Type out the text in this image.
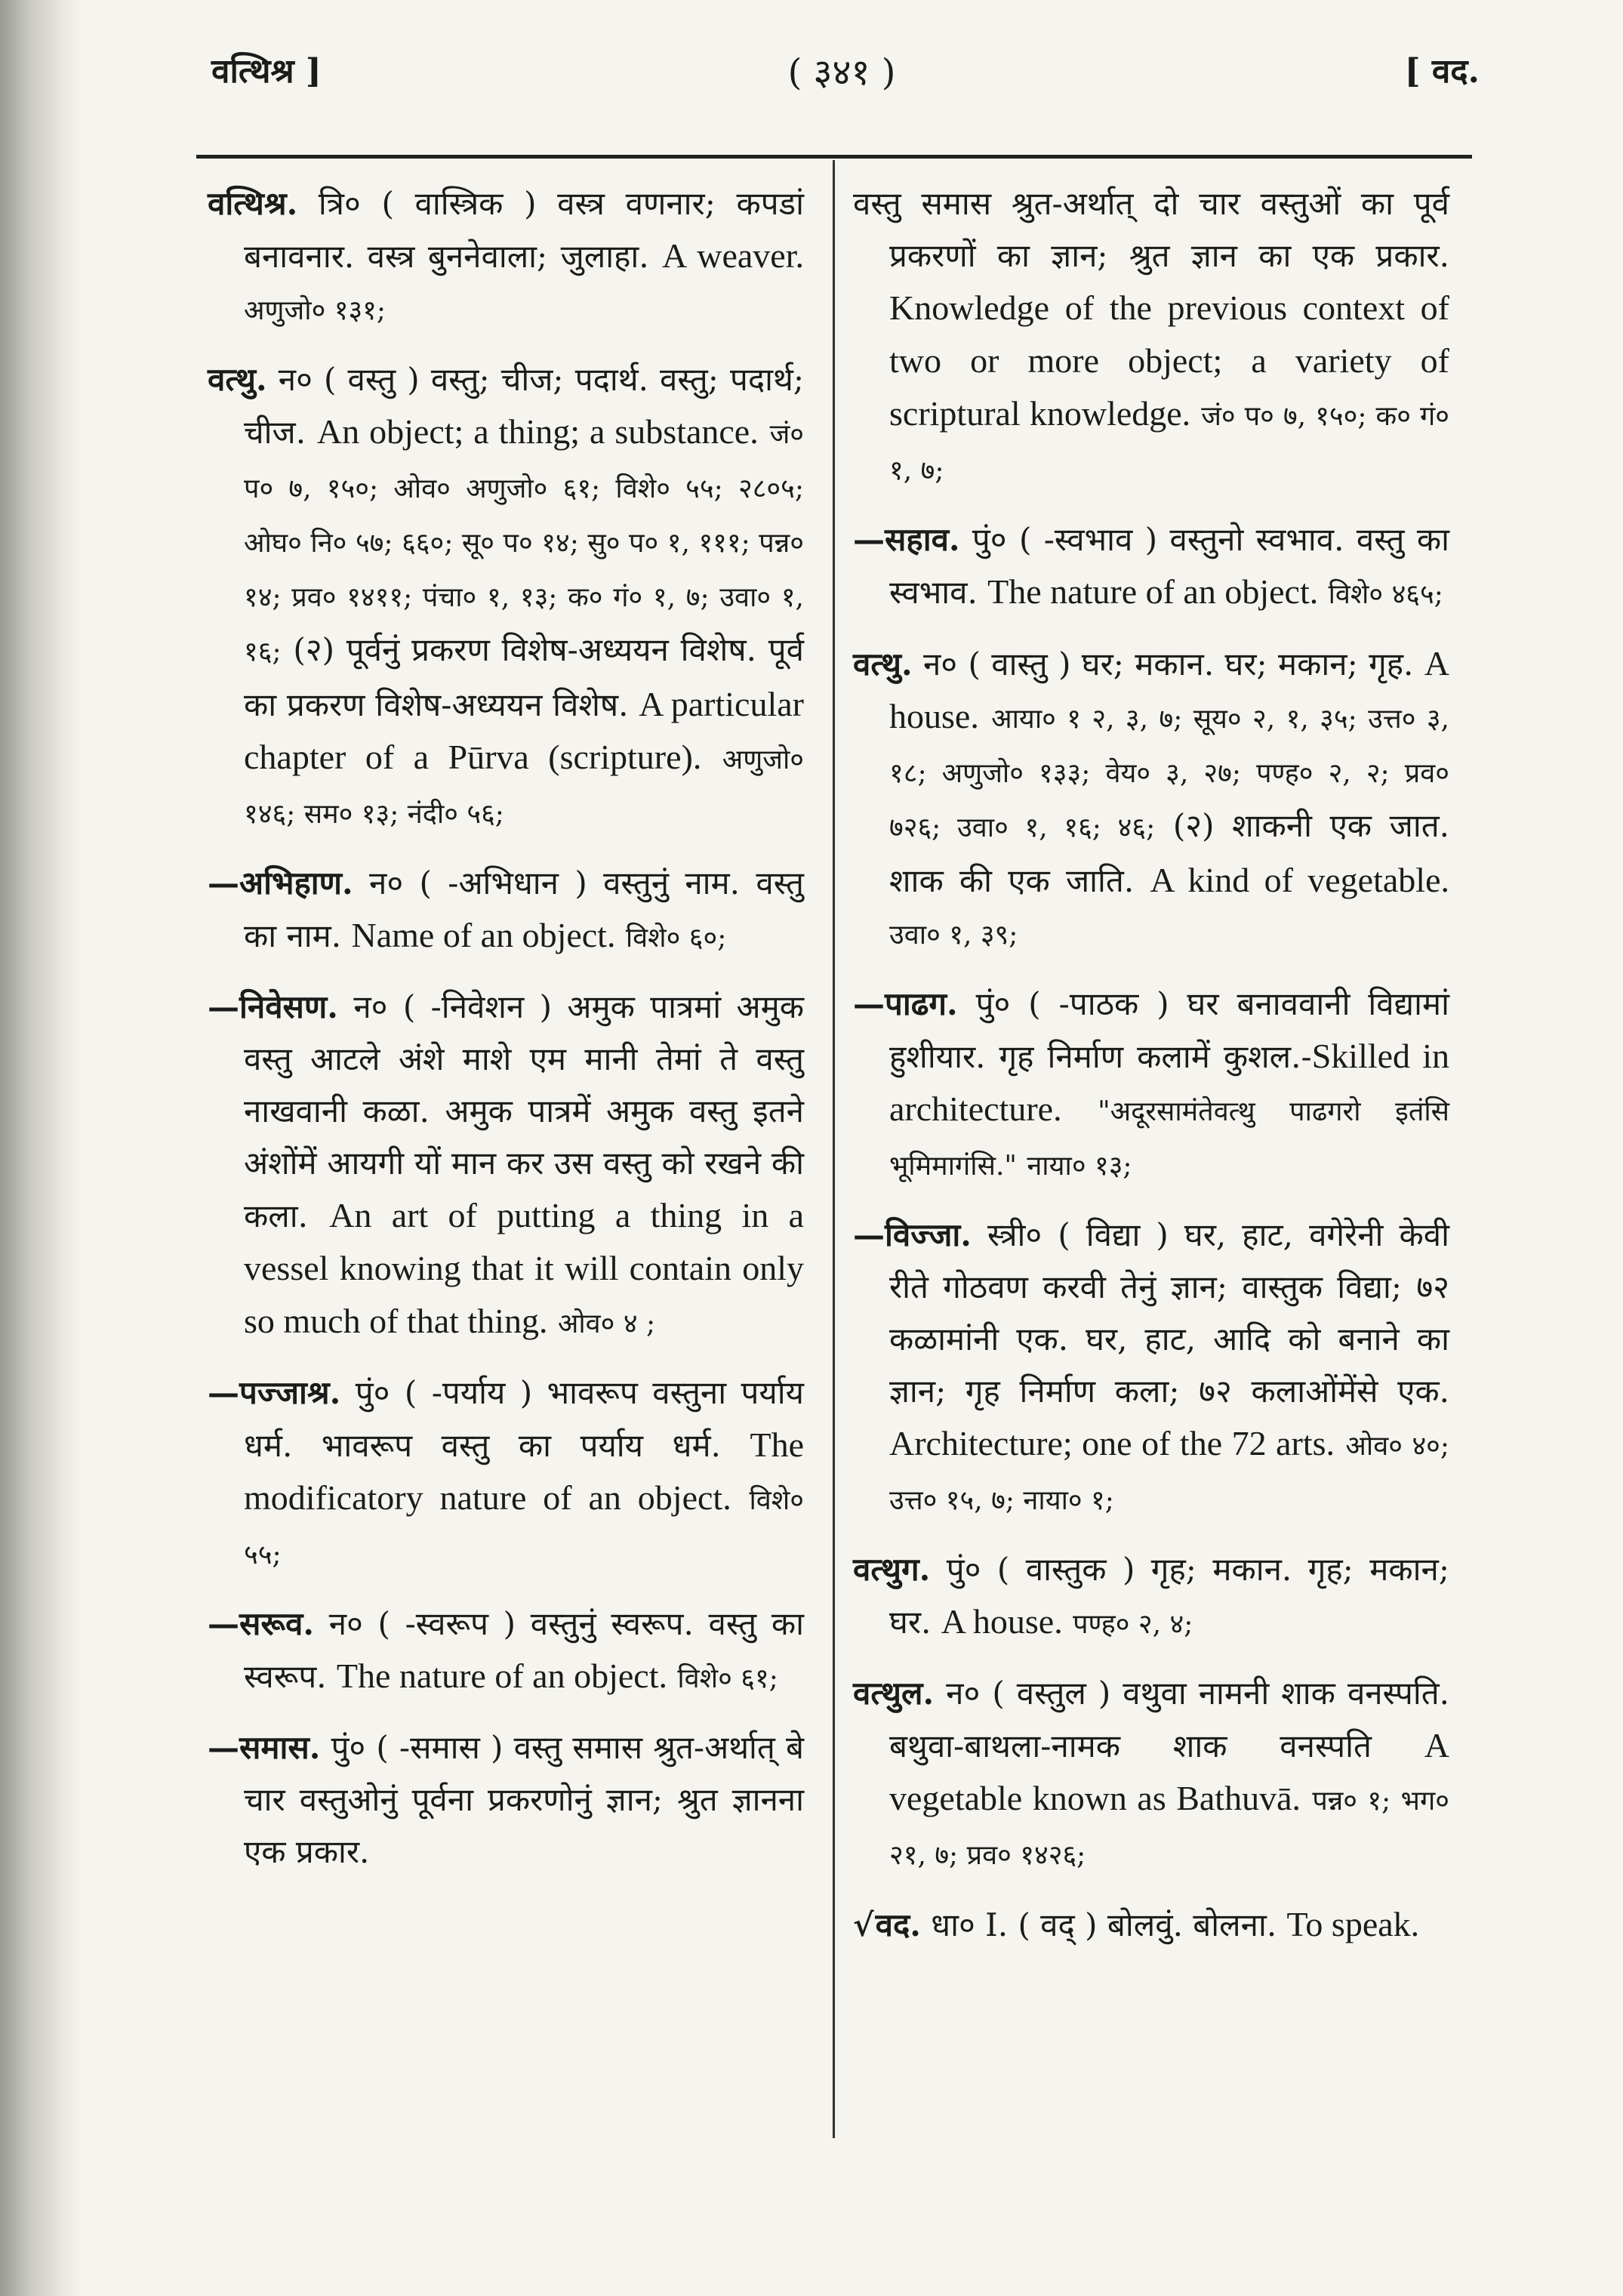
वत्थिश्र ]	( ३४१ )	[ वद.

वत्थिश्र. त्रि० ( वास्त्रिक ) वस्त्र वणनार; कपडां बनावनार. वस्त्र बुननेवाला; जुलाहा. A weaver. अणुजो० १३१;

वत्थु. न० ( वस्तु ) वस्तु; चीज; पदार्थ. वस्तु; पदार्थ; चीज. An object; a thing; a substance. जं० प० ७, १५०; ओव० अणुजो० ६१; विशे० ५५; २८०५; ओघ० नि० ५७; ६६०; सू० प० १४; सु० प० १, १११; पन्न० १४; प्रव० १४११; पंचा० १, १३; क० गं० १, ७; उवा० १, १६; (२) पूर्वनुं प्रकरण विशेष-अध्ययन विशेष. पूर्व का प्रकरण विशेष-अध्ययन विशेष. A particular chapter of a Pūrva (scripture). अणुजो० १४६; सम० १३; नंदी० ५६;

—अभिहाण. न० ( -अभिधान ) वस्तुनुं नाम. वस्तु का नाम. Name of an object. विशे० ६०;

—निवेसण. न० ( -निवेशन ) अमुक पात्रमां अमुक वस्तु आटले अंशे माशे एम मानी तेमां ते वस्तु नाखवानी कळा. अमुक पात्रमें अमुक वस्तु इतने अंशोंमें आयगी यों मान कर उस वस्तु को रखने की कला. An art of putting a thing in a vessel knowing that it will contain only so much of that thing. ओव० ४ ;

—पज्जाश्र. पुं० ( -पर्याय ) भावरूप वस्तुना पर्याय धर्म. भावरूप वस्तु का पर्याय धर्म. The modificatory nature of an object. विशे० ५५;

—सरूव. न० ( -स्वरूप ) वस्तुनुं स्वरूप. वस्तु का स्वरूप. The nature of an object. विशे० ६१;

—समास. पुं० ( -समास ) वस्तु समास श्रुत-अर्थात् बे चार वस्तुओनुं पूर्वना प्रकरणोनुं ज्ञान; श्रुत ज्ञानना एक प्रकार.

वस्तु समास श्रुत-अर्थात् दो चार वस्तुओं का पूर्व प्रकरणों का ज्ञान; श्रुत ज्ञान का एक प्रकार. Knowledge of the previous context of two or more object; a variety of scriptural knowledge. जं० प० ७, १५०; क० गं० १, ७;

—सहाव. पुं० ( -स्वभाव ) वस्तुनो स्वभाव. वस्तु का स्वभाव. The nature of an object. विशे० ४६५;

वत्थु. न० ( वास्तु ) घर; मकान. घर; मकान; गृह. A house. आया० १ २, ३, ७; सूय० २, १, ३५; उत्त० ३, १८; अणुजो० १३३; वेय० ३, २७; पण्ह० २, २; प्रव० ७२६; उवा० १, १६; ४६; (२) शाकनी एक जात. शाक की एक जाति. A kind of vegetable. उवा० १, ३९;

—पाढग. पुं० ( -पाठक ) घर बनाववानी विद्यामां हुशीयार. गृह निर्माण कलामें कुशल.-Skilled in architecture. "अदूरसामंतेवत्थु पाढगरो इतंसि भूमिमागंसि." नाया० १३;

—विज्जा. स्त्री० ( विद्या ) घर, हाट, वगेरेनी केवी रीते गोठवण करवी तेनुं ज्ञान; वास्तुक विद्या; ७२ कळामांनी एक. घर, हाट, आदि को बनाने का ज्ञान; गृह निर्माण कला; ७२ कलाओंमेंसे एक. Architecture; one of the 72 arts. ओव० ४०; उत्त० १५, ७; नाया० १;

वत्थुग. पुं० ( वास्तुक ) गृह; मकान. गृह; मकान; घर. A house. पण्ह० २, ४;

वत्थुल. न० ( वस्तुल ) वथुवा नामनी शाक वनस्पति. बथुवा-बाथला-नामक शाक वनस्पति A vegetable known as Bathuvā. पन्न० १; भग० २१, ७; प्रव० १४२६;

√वद. धा० I. ( वद् ) बोलवुं. बोलना. To speak.
